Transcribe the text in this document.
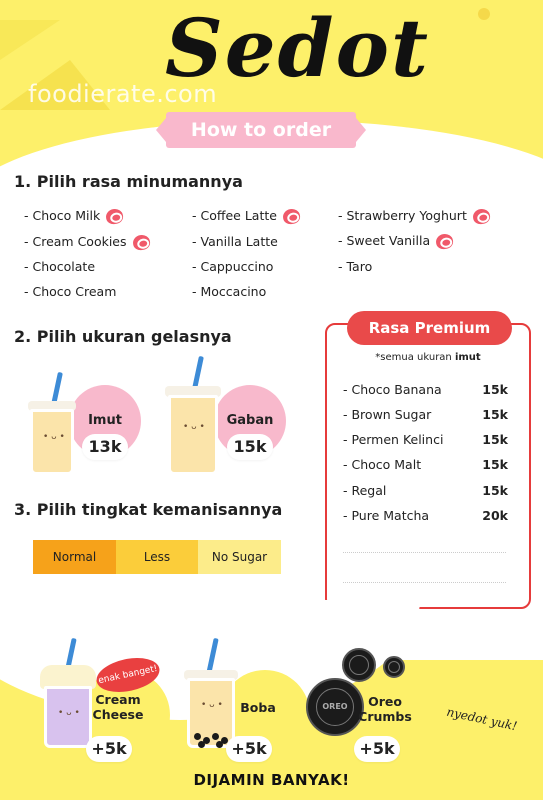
Sedot
foodierate.com
How to order
1. Pilih rasa minumannya
- Choco Milk
- Cream Cookies
- Chocolate
- Choco Cream
- Coffee Latte
- Vanilla Latte
- Cappuccino
- Moccacino
- Strawberry Yoghurt
- Sweet Vanilla
- Taro
2. Pilih ukuran gelasnya
• ᴗ •
Imut
13k
• ᴗ •	Gaban
15k
3. Pilih tingkat kemanisannya
Normal	Less	No Sugar
Rasa Premium
*semua ukuran imut
- Choco Banana	15k
- Brown Sugar	15k
- Permen Kelinci	15k
- Choco Malt	15k
- Regal	15k
- Pure Matcha	20k
• ᴗ •
enak banget!
Cream
Cheese
+5k
• ᴗ •	Boba
+5k
OREO	Oreo
Crumbs
+5k
nyedot yuk!
DIJAMIN BANYAK!
